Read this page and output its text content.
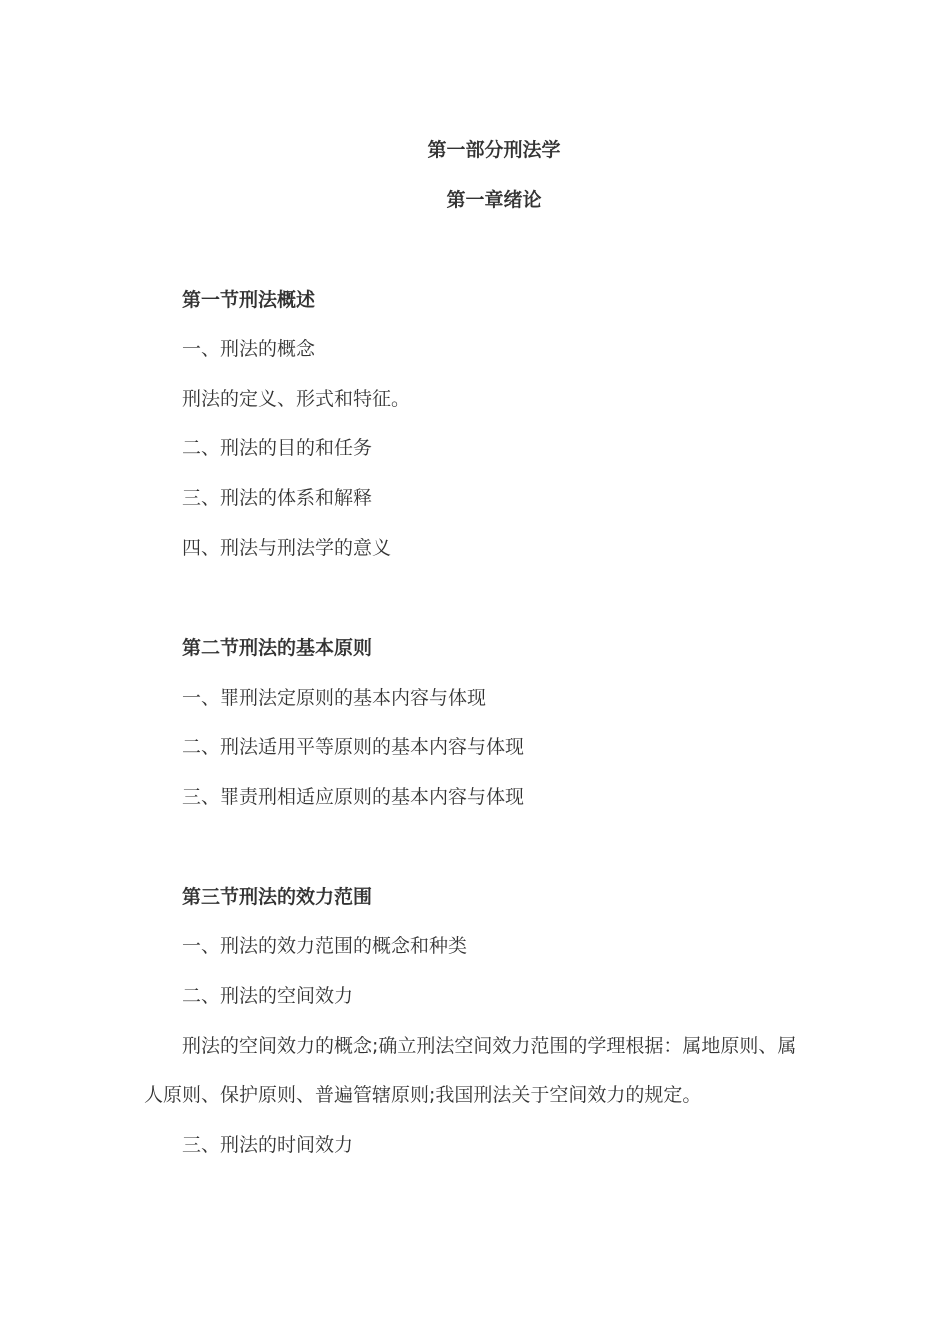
第一部分刑法学
第一章绪论
第一节刑法概述
一、刑法的概念
刑法的定义、形式和特征。
二、刑法的目的和任务
三、刑法的体系和解释
四、刑法与刑法学的意义
第二节刑法的基本原则
一、罪刑法定原则的基本内容与体现
二、刑法适用平等原则的基本内容与体现
三、罪责刑相适应原则的基本内容与体现
第三节刑法的效力范围
一、刑法的效力范围的概念和种类
二、刑法的空间效力
刑法的空间效力的概念;确立刑法空间效力范围的学理根据：属地原则、属
人原则、保护原则、普遍管辖原则;我国刑法关于空间效力的规定。
三、刑法的时间效力
